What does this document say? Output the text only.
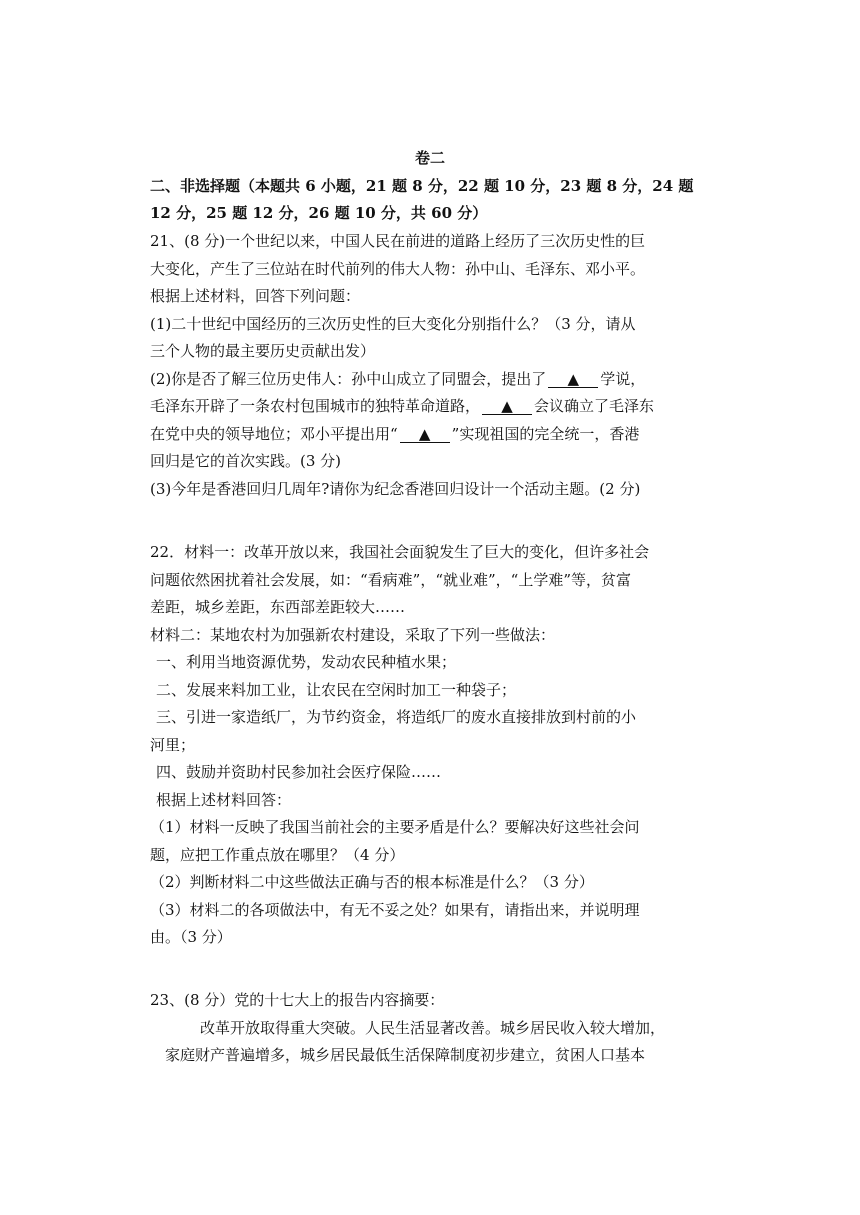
卷二
二、非选择题（本题共 6 小题，21 题 8 分，22 题 10 分，23 题 8 分，24 题
12 分，25 题 12 分，26 题 10 分，共 60 分）
21、(8 分)一个世纪以来，中国人民在前进的道路上经历了三次历史性的巨
大变化，产生了三位站在时代前列的伟大人物：孙中山、毛泽东、邓小平。
根据上述材料，回答下列问题：
(1)二十世纪中国经历的三次历史性的巨大变化分别指什么？（3 分，请从
三个人物的最主要历史贡献出发）
(2)你是否了解三位历史伟人：孙中山成立了同盟会，提出了 ▲ 学说，
毛泽东开辟了一条农村包围城市的独特革命道路， ▲ 会议确立了毛泽东
在党中央的领导地位；邓小平提出用“ ▲ ”实现祖国的完全统一，香港
回归是它的首次实践。(3 分)
(3)今年是香港回归几周年?请你为纪念香港回归设计一个活动主题。(2 分)
22．材料一：改革开放以来，我国社会面貌发生了巨大的变化，但许多社会
问题依然困扰着社会发展，如：“看病难”，“就业难”，“上学难”等，贫富
差距，城乡差距，东西部差距较大……
材料二：某地农村为加强新农村建设，采取了下列一些做法：
一、利用当地资源优势，发动农民种植水果；
二、发展来料加工业，让农民在空闲时加工一种袋子；
三、引进一家造纸厂，为节约资金，将造纸厂的废水直接排放到村前的小
河里；
四、鼓励并资助村民参加社会医疗保险……
根据上述材料回答：
（1）材料一反映了我国当前社会的主要矛盾是什么？要解决好这些社会问
题，应把工作重点放在哪里？（4 分）
（2）判断材料二中这些做法正确与否的根本标准是什么？（3 分）
（3）材料二的各项做法中，有无不妥之处？如果有，请指出来，并说明理
由。（3 分）
23、(8 分）党的十七大上的报告内容摘要：
改革开放取得重大突破。人民生活显著改善。城乡居民收入较大增加，
家庭财产普遍增多，城乡居民最低生活保障制度初步建立，贫困人口基本
